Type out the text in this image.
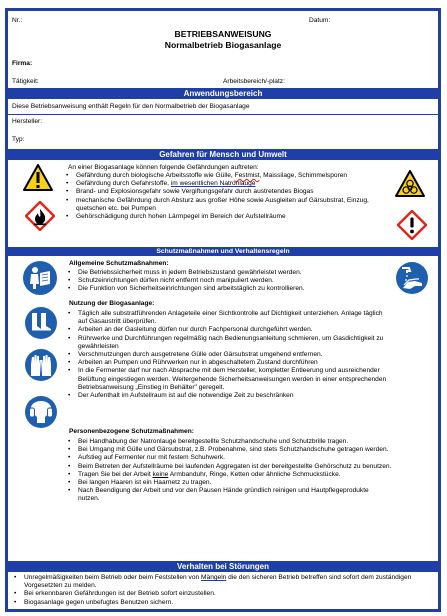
Nr.:	Datum:
BETRIEBSANWEISUNG
Normalbetrieb Biogasanlage
Firma:
Tätigkeit:	Arbeitsbereich/-platz:
Anwendungsbereich
Diese Betriebsanweisung enthält Regeln für den Normalbetrieb der Biogasanlage
Hersteller:
Typ:
Gefahren für Mensch und Umwelt
An einer Biogasanlage können folgende Gefährdungen auftreten:
• Gefährdung durch biologische Arbeitsstoffe wie Gülle, Festmist, Maissilage, Schimmelsporen
• Gefährdung durch Gefahrstoffe, im wesentlichen Natronlauge
• Brand- und Explosionsgefahr sowie Vergiftungsgefahr durch austretendes Biogas
• mechanische Gefährdung durch Absturz aus großer Höhe sowie Ausgleiten auf Gärsubstrat, Einzug, quetschen etc. bei Pumpen
• Gehörschädigung durch hohen Lärmpegel im Bereich der Aufstellräume
Schutzmaßnahmen und Verhaltensregeln
Allgemeine Schutzmaßnahmen:
• Die Betriebssicherheit muss in jedem Betriebszustand gewährleistet werden.
• Schutzeinrichtungen dürfen nicht entfernt noch manipuliert werden.
• Die Funktion von Sicherheitseinrichtungen sind arbeitstäglich zu kontrollieren.
Nutzung der Biogasanlage:
• Täglich alle substratführenden Anlageteile einer Sichtkontrolle auf Dichtigkeit unterziehen. Anlage täglich auf Gasaustritt überprüfen.
• Arbeiten an der Gasleitung dürfen nur durch Fachpersonal durchgeführt werden.
• Rührwerke und Durchführungen regelmäßig nach Bedienungsanleitung schmieren, um Gasdichtigkeit zu gewährleisten
• Verschmutzungen durch ausgetretene Gülle oder Gärsubstrat umgehend entfernen.
• Arbeiten an Pumpen und Rührwerken nur in abgeschaltetem Zustand durchführen
• In die Fermenter darf nur nach Absprache mit dem Hersteller, kompletter Entleerung und ausreichender Belüftung eingestiegen werden. Weitergehende Sicherheitsanweisungen werden in einer entsprechenden Betriebsanweisung „Einstieg in Behälter" geregelt.
• Der Aufenthalt im Aufstellraum ist auf die notwendige Zeit zu beschränken
Personenbezogene Schutzmaßnahmen:
• Bei Handhabung der Natronlauge bereitgestellte Schutzhandschuhe und Schutzbrille tragen.
• Bei Umgang mit Gülle und Gärsubstrat, z.B. Probenahme, sind stets Schutzhandschuhe getragen werden.
• Aufstieg auf Fermenter nur mit festem Schuhwerk.
• Beim Betreten der Aufstellräume bei laufenden Aggregaten ist der bereitgestellte Gehörschutz zu benutzen.
• Tragen Sie bei der Arbeit keine Armbanduhr, Ringe, Ketten oder ähnliche Schmuckstücke.
• Bei langen Haaren ist ein Haarnetz zu tragen.
• Nach Beendigung der Arbeit und vor den Pausen Hände gründlich reinigen und Hautpflegeprodukte nutzen.
Verhalten bei Störungen
• Unregelmäßigkeiten beim Betrieb oder beim Feststellen von Mängeln die den sicheren Betrieb betreffen sind sofort dem zuständigen Vorgesetzten zu melden.
• Bei erkennbaren Gefährdungen ist der Betrieb sofort einzustellen.
• Biogasanlage gegen unbefugtes Benutzen sichern.
